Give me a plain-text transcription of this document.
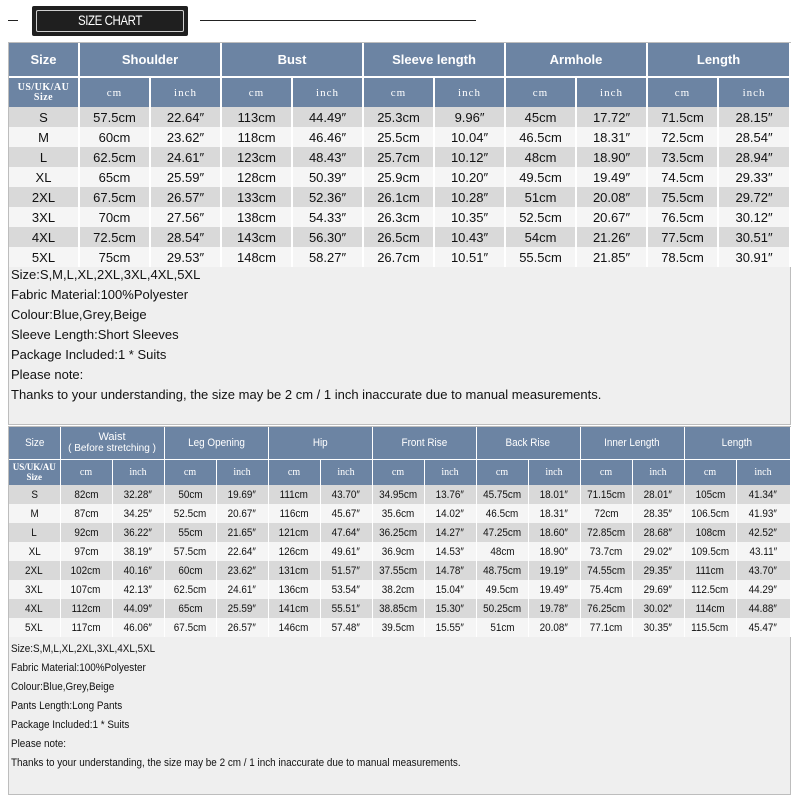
SIZE CHART
Size	Shoulder		Bust		Sleeve length		Armhole		Length	

US/UK/AU
Size	cm	inch	cm	inch	cm	inch	cm	inch	cm	inch
S	57.5cm	22.64″	113cm	44.49″	25.3cm	9.96″	45cm	17.72″	71.5cm	28.15″
M	60cm	23.62″	118cm	46.46″	25.5cm	10.04″	46.5cm	18.31″	72.5cm	28.54″
L	62.5cm	24.61″	123cm	48.43″	25.7cm	10.12″	48cm	18.90″	73.5cm	28.94″
XL	65cm	25.59″	128cm	50.39″	25.9cm	10.20″	49.5cm	19.49″	74.5cm	29.33″
2XL	67.5cm	26.57″	133cm	52.36″	26.1cm	10.28″	51cm	20.08″	75.5cm	29.72″
3XL	70cm	27.56″	138cm	54.33″	26.3cm	10.35″	52.5cm	20.67″	76.5cm	30.12″
4XL	72.5cm	28.54″	143cm	56.30″	26.5cm	10.43″	54cm	21.26″	77.5cm	30.51″
5XL	75cm	29.53″	148cm	58.27″	26.7cm	10.51″	55.5cm	21.85″	78.5cm	30.91″
Size:S,M,L,XL,2XL,3XL,4XL,5XL
Fabric Material:100%Polyester
Colour:Blue,Grey,Beige
Sleeve Length:Short Sleeves
Package Included:1 * Suits
Please note:
Thanks to your understanding, the size may be 2 cm / 1 inch inaccurate due to manual measurements.
Size	Waist
( Before stretching )		Leg Opening		Hip		Front Rise		Back Rise		Inner Length		Length	

US/UK/AU
Size	cm	inch	cm	inch	cm	inch	cm	inch	cm	inch	cm	inch	cm	inch
S	82cm	32.28″	50cm	19.69″	111cm	43.70″	34.95cm	13.76″	45.75cm	18.01″	71.15cm	28.01″	105cm	41.34″
M	87cm	34.25″	52.5cm	20.67″	116cm	45.67″	35.6cm	14.02″	46.5cm	18.31″	72cm	28.35″	106.5cm	41.93″
L	92cm	36.22″	55cm	21.65″	121cm	47.64″	36.25cm	14.27″	47.25cm	18.60″	72.85cm	28.68″	108cm	42.52″
XL	97cm	38.19″	57.5cm	22.64″	126cm	49.61″	36.9cm	14.53″	48cm	18.90″	73.7cm	29.02″	109.5cm	43.11″
2XL	102cm	40.16″	60cm	23.62″	131cm	51.57″	37.55cm	14.78″	48.75cm	19.19″	74.55cm	29.35″	111cm	43.70″
3XL	107cm	42.13″	62.5cm	24.61″	136cm	53.54″	38.2cm	15.04″	49.5cm	19.49″	75.4cm	29.69″	112.5cm	44.29″
4XL	112cm	44.09″	65cm	25.59″	141cm	55.51″	38.85cm	15.30″	50.25cm	19.78″	76.25cm	30.02″	114cm	44.88″
5XL	117cm	46.06″	67.5cm	26.57″	146cm	57.48″	39.5cm	15.55″	51cm	20.08″	77.1cm	30.35″	115.5cm	45.47″
Size:S,M,L,XL,2XL,3XL,4XL,5XL
Fabric Material:100%Polyester
Colour:Blue,Grey,Beige
Pants Length:Long Pants
Package Included:1 * Suits
Please note:
Thanks to your understanding, the size may be 2 cm / 1 inch inaccurate due to manual measurements.
